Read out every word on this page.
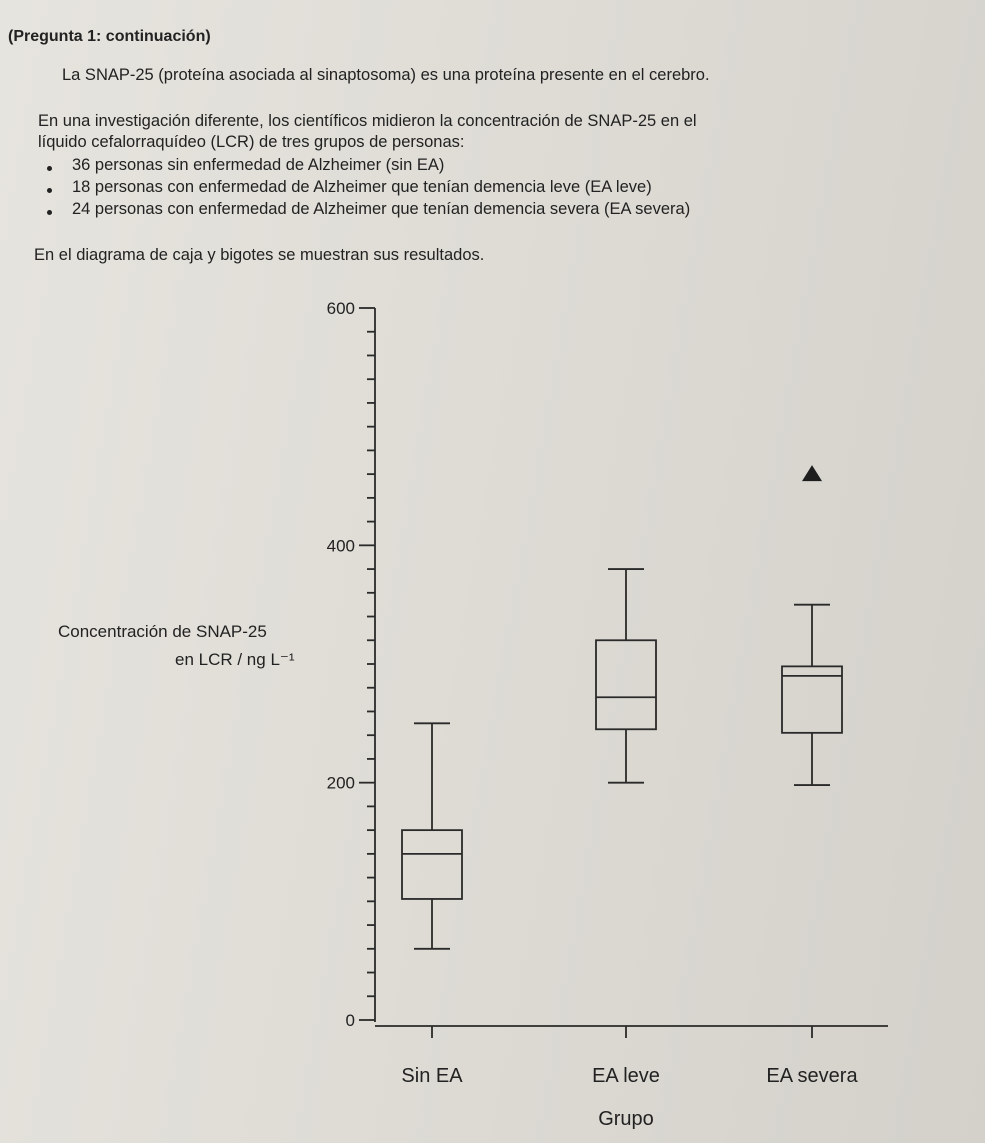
(Pregunta 1: continuación)
La SNAP-25 (proteína asociada al sinaptosoma) es una proteína presente en el cerebro.
En una investigación diferente, los científicos midieron la concentración de SNAP-25 en el
líquido cefalorraquídeo (LCR) de tres grupos de personas:
36 personas sin enfermedad de Alzheimer (sin EA)
18 personas con enfermedad de Alzheimer que tenían demencia leve (EA leve)
24 personas con enfermedad de Alzheimer que tenían demencia severa (EA severa)
En el diagrama de caja y bigotes se muestran sus resultados.
Concentración de SNAP-25
en LCR / ng L⁻¹
0
200
400
600
Sin EA	EA leve	EA severa
Grupo
